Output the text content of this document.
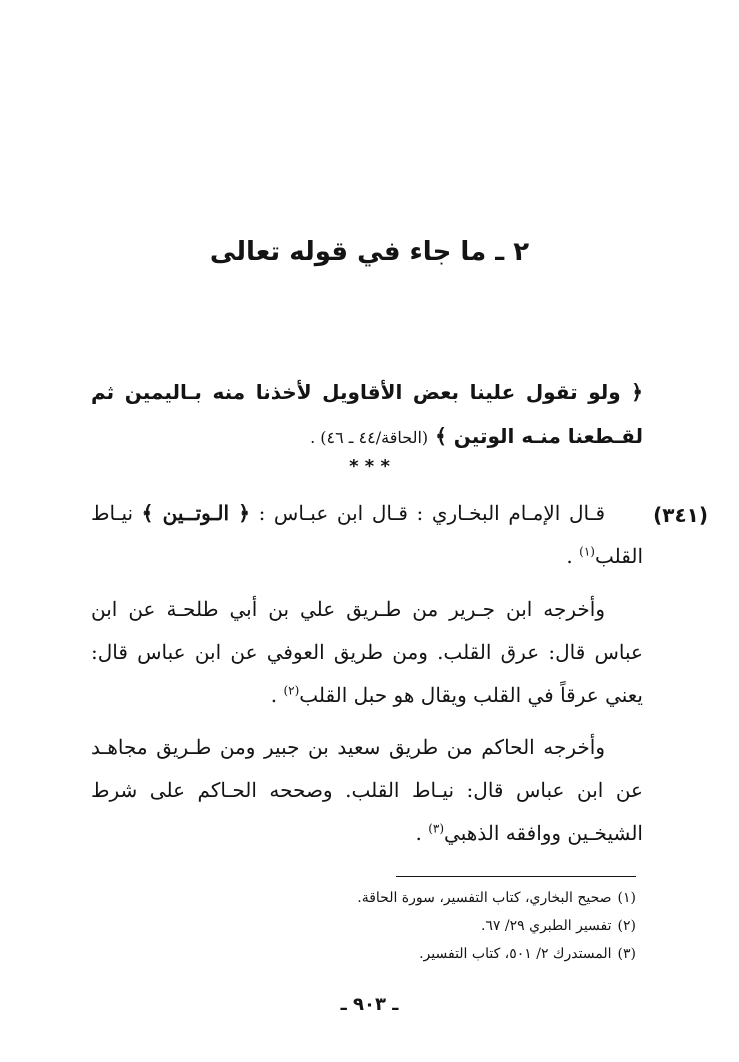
٢ ـ ما جاء في قوله تعالى

﴿ ولو تقول علينا بعض الأقاويل لأخذنا منه بـاليمين ثم لقـطعنا منـه الوتين ﴾ (الحاقة/٤٤ ـ ٤٦) .

* * *
(٣٤١)

قـال الإمـام البخـاري : قـال ابن عبـاس : ﴿ الـوتــين ﴾ نيـاط القلب$^{(١)}$ .

وأخرجه ابن جـرير من طـريق علي بن أبي طلحـة عن ابن عباس قال: عرق القلب. ومن طريق العوفي عن ابن عباس قال: يعني عرقاً في القلب ويقال هو حبل القلب$^{(٢)}$ .

وأخرجه الحاكم من طريق سعيد بن جبير ومن طـريق مجاهـد عن ابن عباس قال: نيـاط القلب. وصححه الحـاكم على شرط الشيخـين ووافقه الذهبي$^{(٣)}$ .

(١)صحيح البخاري، كتاب التفسير، سورة الحاقة.
(٢)تفسير الطبري ٢٩/ ٦٧.
(٣)المستدرك ٢/ ٥٠١، كتاب التفسير.
ـ ٩٠٣ ـ
